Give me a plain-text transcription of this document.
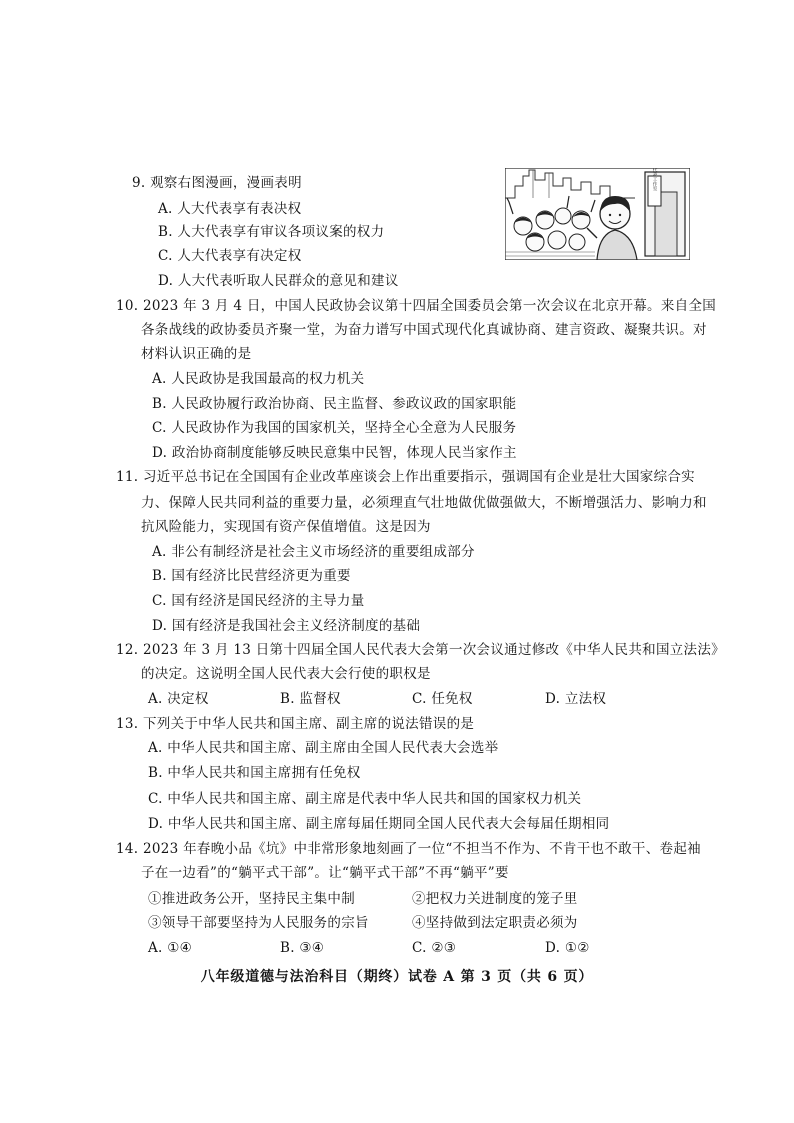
9. 观察右图漫画，漫画表明
A. 人大代表享有表决权
B. 人大代表享有审议各项议案的权力
C. 人大代表享有决定权
D. 人大代表听取人民群众的意见和建议
代表工作室
10. 2023 年 3 月 4 日，中国人民政协会议第十四届全国委员会第一次会议在北京开幕。来自全国
各条战线的政协委员齐聚一堂，为奋力谱写中国式现代化真诚协商、建言资政、凝聚共识。对
材料认识正确的是
A. 人民政协是我国最高的权力机关
B. 人民政协履行政治协商、民主监督、参政议政的国家职能
C. 人民政协作为我国的国家机关，坚持全心全意为人民服务
D. 政治协商制度能够反映民意集中民智，体现人民当家作主
11. 习近平总书记在全国国有企业改革座谈会上作出重要指示，强调国有企业是壮大国家综合实
力、保障人民共同利益的重要力量，必须理直气壮地做优做强做大，不断增强活力、影响力和
抗风险能力，实现国有资产保值增值。这是因为
A. 非公有制经济是社会主义市场经济的重要组成部分
B. 国有经济比民营经济更为重要
C. 国有经济是国民经济的主导力量
D. 国有经济是我国社会主义经济制度的基础
12. 2023 年 3 月 13 日第十四届全国人民代表大会第一次会议通过修改《中华人民共和国立法法》
的决定。这说明全国人民代表大会行使的职权是
A. 决定权	B. 监督权	C. 任免权	D. 立法权
13. 下列关于中华人民共和国主席、副主席的说法错误的是
A. 中华人民共和国主席、副主席由全国人民代表大会选举
B. 中华人民共和国主席拥有任免权
C. 中华人民共和国主席、副主席是代表中华人民共和国的国家权力机关
D. 中华人民共和国主席、副主席每届任期同全国人民代表大会每届任期相同
14. 2023 年春晚小品《坑》中非常形象地刻画了一位“不担当不作为、不肯干也不敢干、卷起袖
子在一边看”的“躺平式干部”。让“躺平式干部”不再“躺平”要
①推进政务公开，坚持民主集中制	②把权力关进制度的笼子里
③领导干部要坚持为人民服务的宗旨	④坚持做到法定职责必须为
A. ①④	B. ③④	C. ②③	D. ①②
八年级道德与法治科目（期终）试卷 A 第 3 页（共 6 页）
